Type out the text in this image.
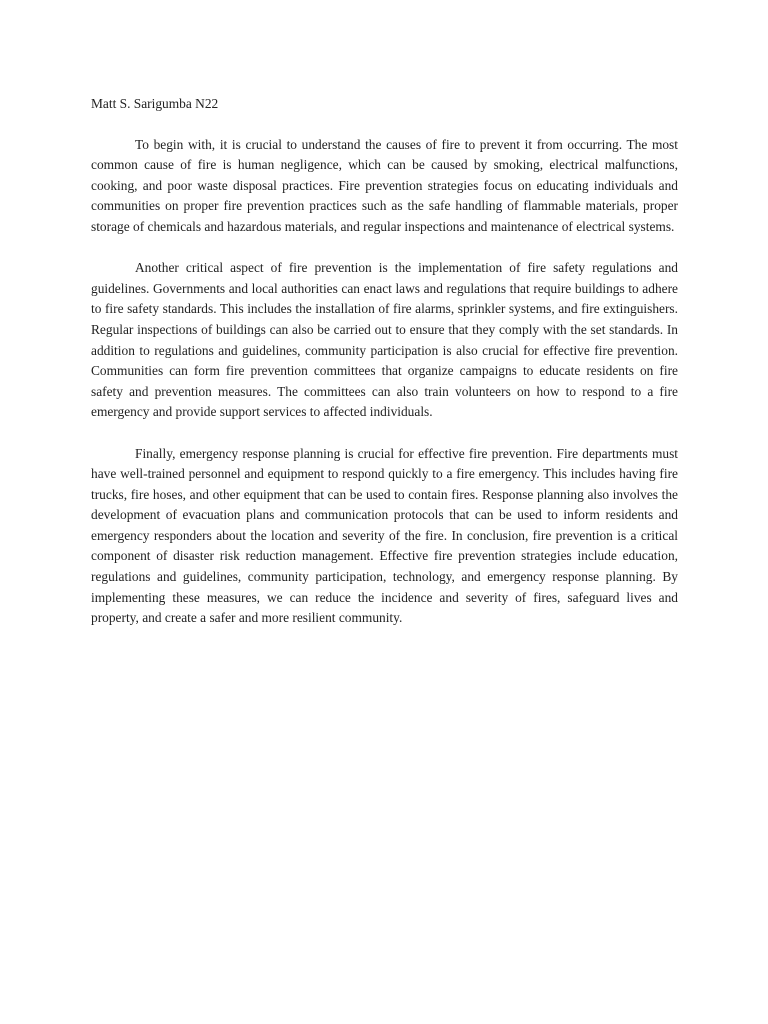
Matt S. Sarigumba N22

To begin with, it is crucial to understand the causes of fire to prevent it from occurring. The most common cause of fire is human negligence, which can be caused by smoking, electrical malfunctions, cooking, and poor waste disposal practices. Fire prevention strategies focus on educating individuals and communities on proper fire prevention practices such as the safe handling of flammable materials, proper storage of chemicals and hazardous materials, and regular inspections and maintenance of electrical systems.

Another critical aspect of fire prevention is the implementation of fire safety regulations and guidelines. Governments and local authorities can enact laws and regulations that require buildings to adhere to fire safety standards. This includes the installation of fire alarms, sprinkler systems, and fire extinguishers. Regular inspections of buildings can also be carried out to ensure that they comply with the set standards. In addition to regulations and guidelines, community participation is also crucial for effective fire prevention. Communities can form fire prevention committees that organize campaigns to educate residents on fire safety and prevention measures. The committees can also train volunteers on how to respond to a fire emergency and provide support services to affected individuals.

Finally, emergency response planning is crucial for effective fire prevention. Fire departments must have well-trained personnel and equipment to respond quickly to a fire emergency. This includes having fire trucks, fire hoses, and other equipment that can be used to contain fires. Response planning also involves the development of evacuation plans and communication protocols that can be used to inform residents and emergency responders about the location and severity of the fire. In conclusion, fire prevention is a critical component of disaster risk reduction management. Effective fire prevention strategies include education, regulations and guidelines, community participation, technology, and emergency response planning. By implementing these measures, we can reduce the incidence and severity of fires, safeguard lives and property, and create a safer and more resilient community.
